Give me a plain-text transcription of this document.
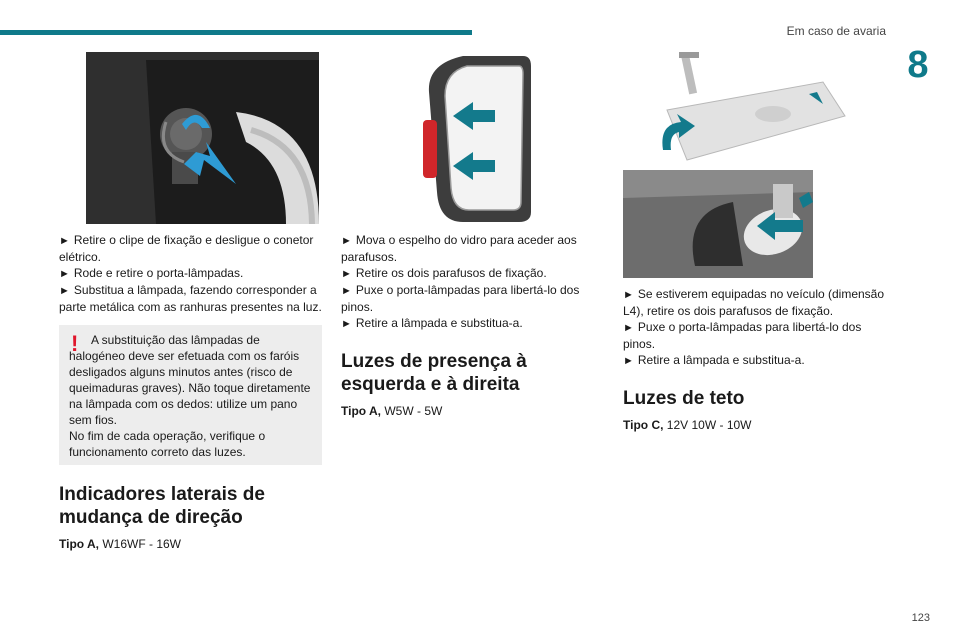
Em caso de avaria
8
123
► Retire o clipe de fixação e desligue o conetor elétrico.
► Rode e retire o porta-lâmpadas.
► Substitua a lâmpada, fazendo corresponder a parte metálica com as ranhuras presentes na luz.
!	A substituição das lâmpadas de halogéneo deve ser efetuada com os faróis desligados alguns minutos antes (risco de queimaduras graves). Não toque diretamente na lâmpada com os dedos: utilize um pano sem fios.

No fim de cada operação, verifique o funcionamento correto das luzes.

Indicadores laterais de mudança de direção

Tipo A, W16WF - 16W

► Mova o espelho do vidro para aceder aos parafusos.
► Retire os dois parafusos de fixação.
► Puxe o porta-lâmpadas para libertá-lo dos pinos.
► Retire a lâmpada e substitua-a.
Luzes de presença à esquerda e à direita

Tipo A, W5W - 5W

► Se estiverem equipadas no veículo (dimensão L4), retire os dois parafusos de fixação.
► Puxe o porta-lâmpadas para libertá-lo dos pinos.
► Retire a lâmpada e substitua-a.
Luzes de teto

Tipo C, 12V 10W - 10W
